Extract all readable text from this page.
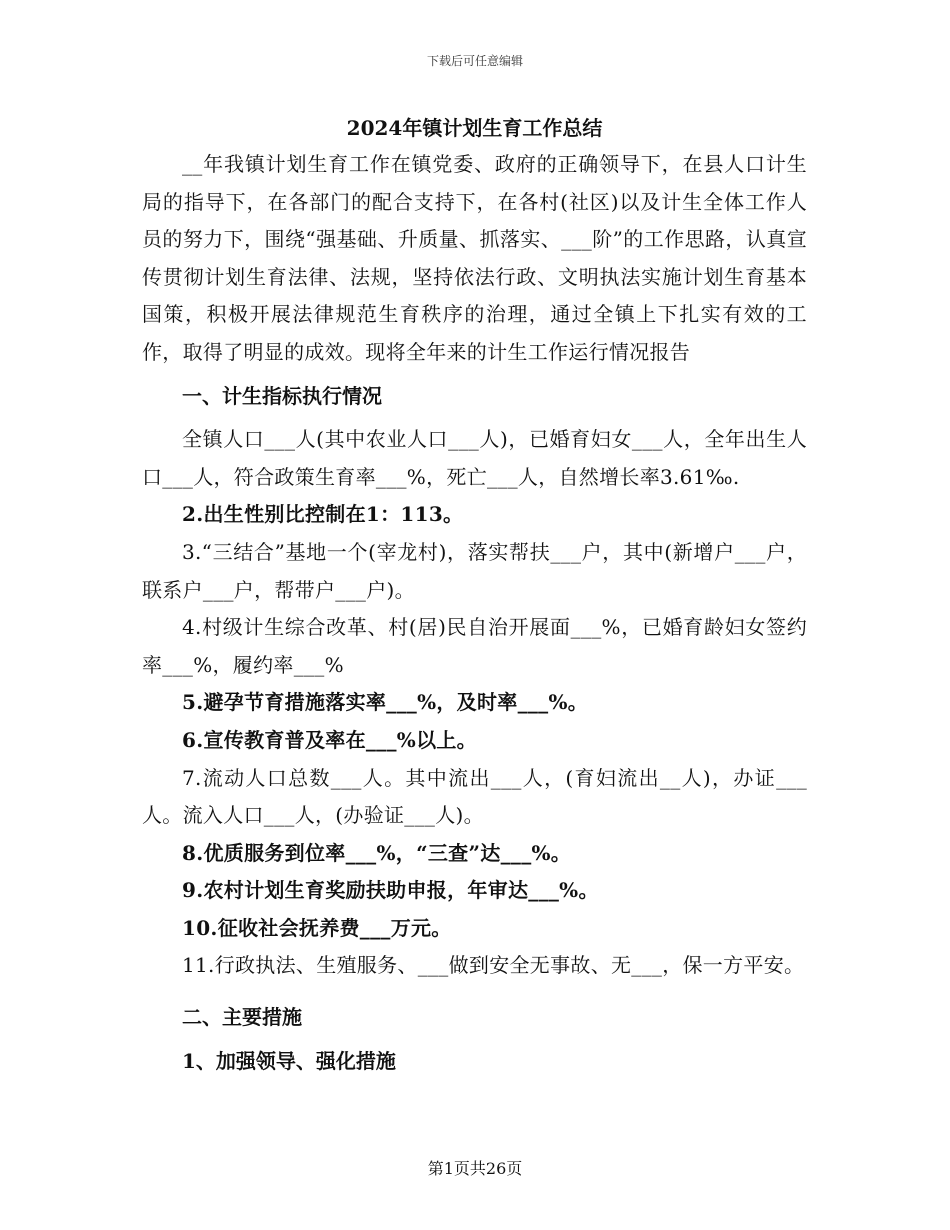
下载后可任意编辑

2024年镇计划生育工作总结

__年我镇计划生育工作在镇党委、政府的正确领导下，在县人口计生局的指导下，在各部门的配合支持下，在各村(社区)以及计生全体工作人员的努力下，围绕“强基础、升质量、抓落实、___阶”的工作思路，认真宣传贯彻计划生育法律、法规，坚持依法行政、文明执法实施计划生育基本国策，积极开展法律规范生育秩序的治理，通过全镇上下扎实有效的工作，取得了明显的成效。现将全年来的计生工作运行情况报告

一、计生指标执行情况

全镇人口___人(其中农业人口___人)，已婚育妇女___人，全年出生人口___人，符合政策生育率___%，死亡___人，自然增长率3.61‰.

2.出生性别比控制在1：113。

3.“三结合”基地一个(宰龙村)，落实帮扶___户，其中(新增户___户，联系户___户，帮带户___户)。

4.村级计生综合改革、村(居)民自治开展面___%，已婚育龄妇女签约率___%，履约率___%

5.避孕节育措施落实率___%，及时率___%。

6.宣传教育普及率在___%以上。

7.流动人口总数___人。其中流出___人，(育妇流出__人)，办证___人。流入人口___人，(办验证___人)。

8.优质服务到位率___%，“三查”达___%。

9.农村计划生育奖励扶助申报，年审达___%。

10.征收社会抚养费___万元。

11.行政执法、生殖服务、___做到安全无事故、无___，保一方平安。

二、主要措施

1、加强领导、强化措施

第1页共26页
